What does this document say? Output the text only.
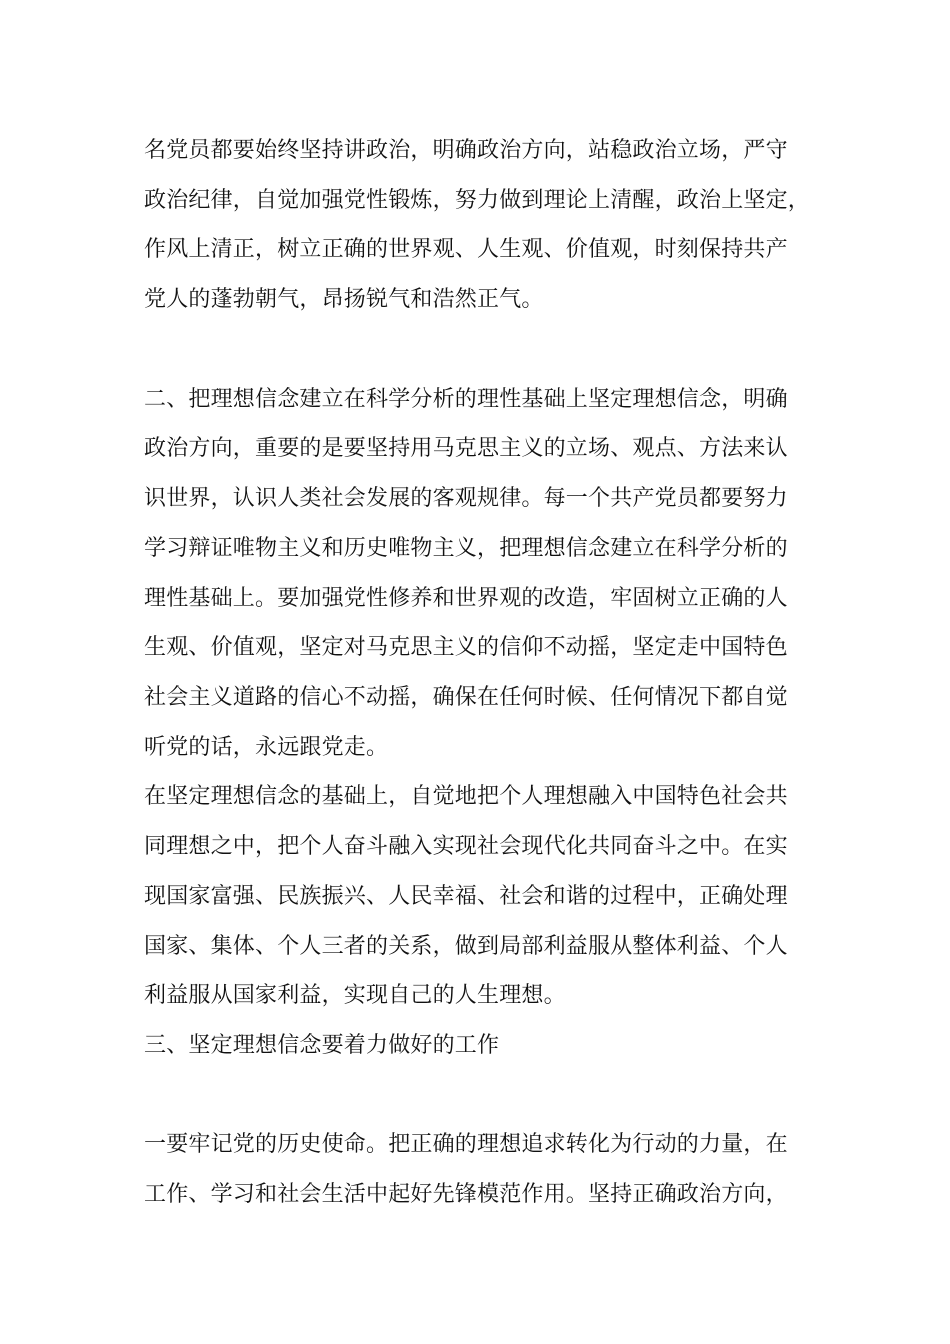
名党员都要始终坚持讲政治，明确政治方向，站稳政治立场，严守
政治纪律，自觉加强党性锻炼，努力做到理论上清醒，政治上坚定，
作风上清正，树立正确的世界观、人生观、价值观，时刻保持共产
党人的蓬勃朝气，昂扬锐气和浩然正气。
二、把理想信念建立在科学分析的理性基础上坚定理想信念，明确
政治方向，重要的是要坚持用马克思主义的立场、观点、方法来认
识世界，认识人类社会发展的客观规律。每一个共产党员都要努力
学习辩证唯物主义和历史唯物主义，把理想信念建立在科学分析的
理性基础上。要加强党性修养和世界观的改造，牢固树立正确的人
生观、价值观，坚定对马克思主义的信仰不动摇，坚定走中国特色
社会主义道路的信心不动摇，确保在任何时候、任何情况下都自觉
听党的话，永远跟党走。
在坚定理想信念的基础上，自觉地把个人理想融入中国特色社会共
同理想之中，把个人奋斗融入实现社会现代化共同奋斗之中。在实
现国家富强、民族振兴、人民幸福、社会和谐的过程中，正确处理
国家、集体、个人三者的关系，做到局部利益服从整体利益、个人
利益服从国家利益，实现自己的人生理想。
三、坚定理想信念要着力做好的工作
一要牢记党的历史使命。把正确的理想追求转化为行动的力量，在
工作、学习和社会生活中起好先锋模范作用。坚持正确政治方向，
